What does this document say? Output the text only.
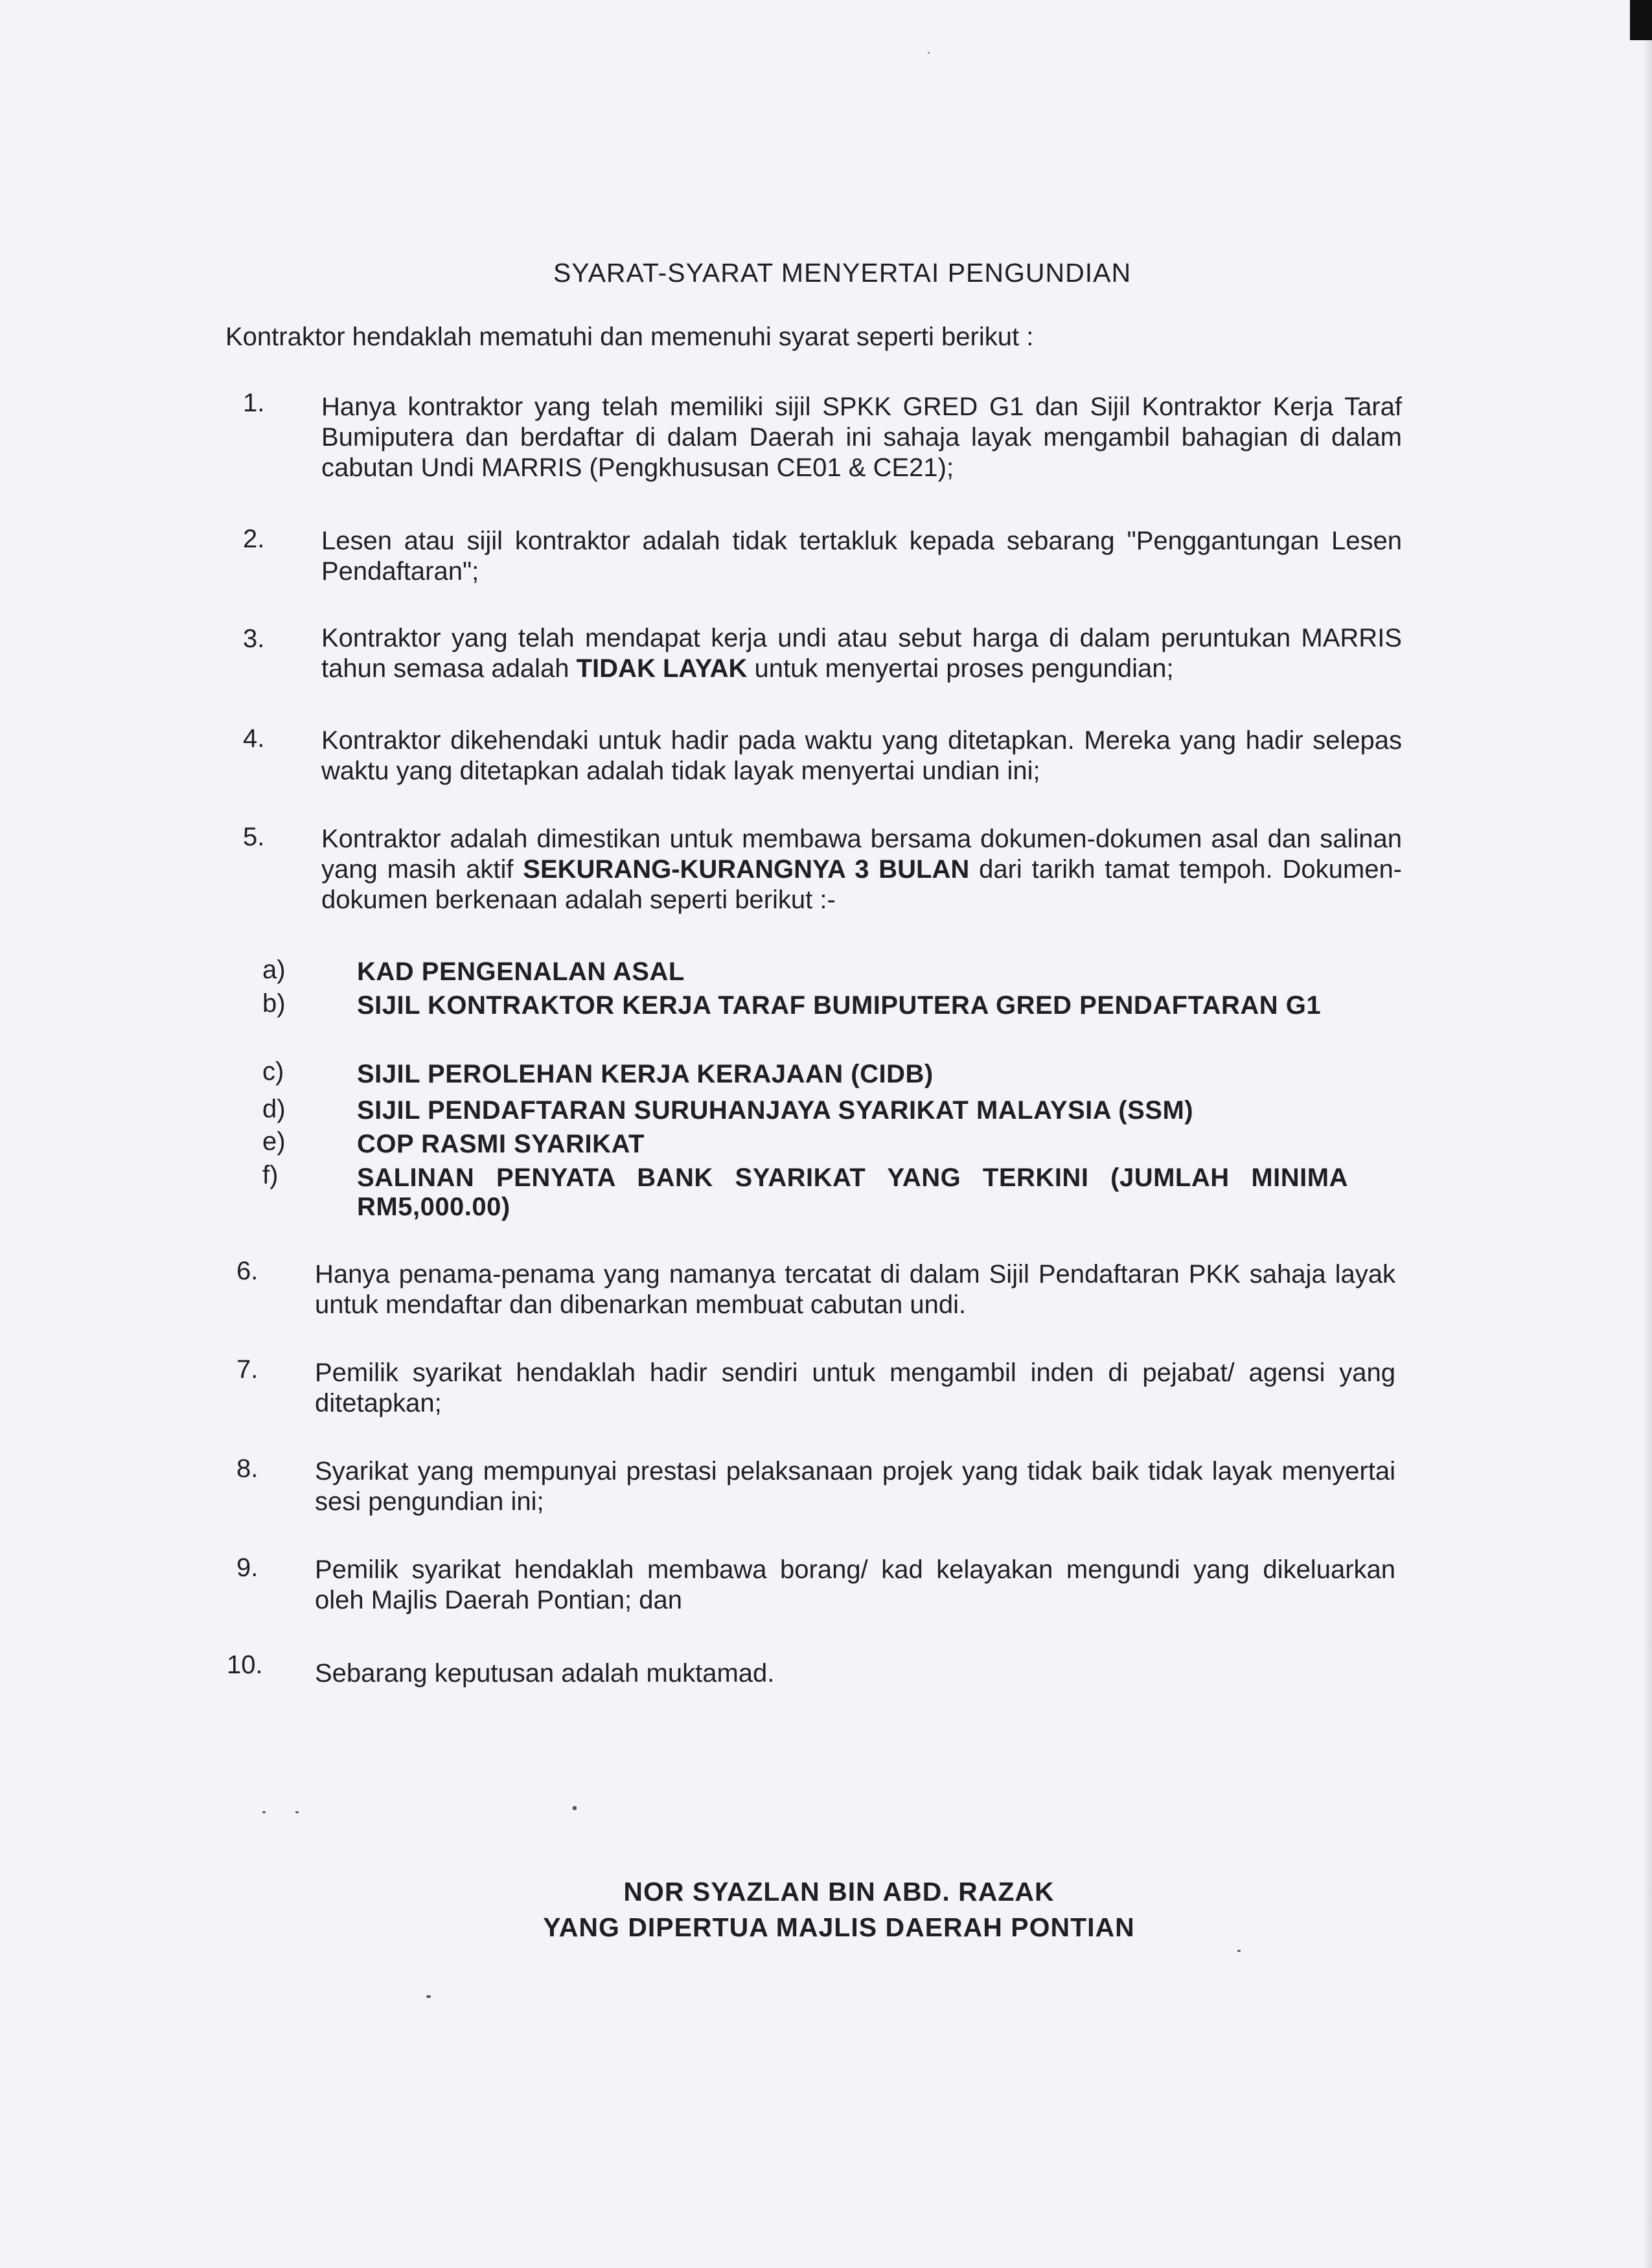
SYARAT-SYARAT MENYERTAI PENGUNDIAN
Kontraktor hendaklah mematuhi dan memenuhi syarat seperti berikut :
1.	Hanya kontraktor yang telah memiliki sijil SPKK GRED G1 dan Sijil Kontraktor Kerja Taraf Bumiputera dan berdaftar di dalam Daerah ini sahaja layak mengambil bahagian di dalam cabutan Undi MARRIS (Pengkhususan CE01 & CE21);
2.	Lesen atau sijil kontraktor adalah tidak tertakluk kepada sebarang "Penggantungan Lesen Pendaftaran";
3.	Kontraktor yang telah mendapat kerja undi atau sebut harga di dalam peruntukan MARRIS tahun semasa adalah TIDAK LAYAK untuk menyertai proses pengundian;
4.	Kontraktor dikehendaki untuk hadir pada waktu yang ditetapkan. Mereka yang hadir selepas waktu yang ditetapkan adalah tidak layak menyertai undian ini;
5.	Kontraktor adalah dimestikan untuk membawa bersama dokumen-dokumen asal dan salinan yang masih aktif SEKURANG-KURANGNYA 3 BULAN dari tarikh tamat tempoh. Dokumen-dokumen berkenaan adalah seperti berikut :-
a)	KAD PENGENALAN ASAL
b)	SIJIL KONTRAKTOR KERJA TARAF BUMIPUTERA GRED PENDAFTARAN G1
c)	SIJIL PEROLEHAN KERJA KERAJAAN (CIDB)
d)	SIJIL PENDAFTARAN SURUHANJAYA SYARIKAT MALAYSIA (SSM)
e)	COP RASMI SYARIKAT
f)	SALINAN PENYATA BANK SYARIKAT YANG TERKINI (JUMLAH MINIMA RM5,000.00)
6.	Hanya penama-penama yang namanya tercatat di dalam Sijil Pendaftaran PKK sahaja layak untuk mendaftar dan dibenarkan membuat cabutan undi.
7.	Pemilik syarikat hendaklah hadir sendiri untuk mengambil inden di pejabat/ agensi yang ditetapkan;
8.	Syarikat yang mempunyai prestasi pelaksanaan projek yang tidak baik tidak layak menyertai sesi pengundian ini;
9.	Pemilik syarikat hendaklah membawa borang/ kad kelayakan mengundi yang dikeluarkan oleh Majlis Daerah Pontian; dan
10.	Sebarang keputusan adalah muktamad.
NOR SYAZLAN BIN ABD. RAZAK
YANG DIPERTUA MAJLIS DAERAH PONTIAN
